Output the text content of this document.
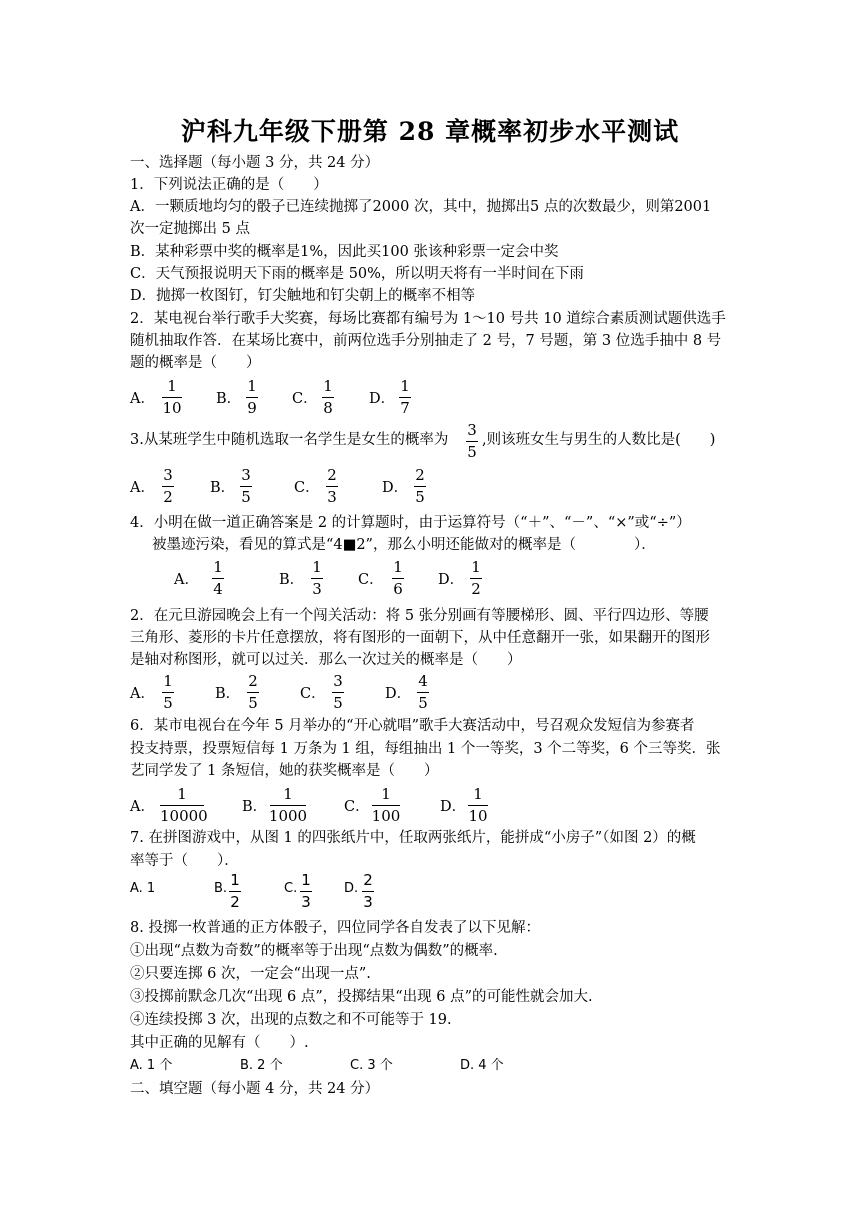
沪科九年级下册第 28 章概率初步水平测试
一、选择题（每小题 3 分，共 24 分）
1．下列说法正确的是（　　）
A．一颗质地均匀的骰子已连续抛掷了2000 次，其中，抛掷出5 点的次数最少，则第2001
次一定抛掷出 5 点
B．某种彩票中奖的概率是1%，因此买100 张该种彩票一定会中奖
C．天气预报说明天下雨的概率是 50%，所以明天将有一半时间在下雨
D．抛掷一枚图钉，钉尖触地和钉尖朝上的概率不相等
2．某电视台举行歌手大奖赛，每场比赛都有编号为 1～10 号共 10 道综合素质测试题供选手
随机抽取作答．在某场比赛中，前两位选手分别抽走了 2 号，7 号题，第 3 位选手抽中 8 号
题的概率是（　　）
A．
1
10	B．
1
9	C．
1
8	D．
1
7
3.从某班学生中随机选取一名学生是女生的概率为
3
5
,则该班女生与男生的人数比是(　　)
A．
3
2	B．
3
5	C．
2
3	D．
2
5
4．小明在做一道正确答案是 2 的计算题时，由于运算符号（“＋”、“－”、“×”或“÷”）
被墨迹污染，看见的算式是“4■2”，那么小明还能做对的概率是（　　　　）．
A．
1
4	B．
1
3	C．
1
6	D．
1
2
2．在元旦游园晚会上有一个闯关活动：将 5 张分别画有等腰梯形、圆、平行四边形、等腰
三角形、菱形的卡片任意摆放，将有图形的一面朝下，从中任意翻开一张，如果翻开的图形
是轴对称图形，就可以过关．那么一次过关的概率是（　　）
A．
1
5	B．
2
5	C．
3
5	D．
4
5
6．某市电视台在今年 5 月举办的“开心就唱”歌手大赛活动中，号召观众发短信为参赛者
投支持票，投票短信每 1 万条为 1 组，每组抽出 1 个一等奖，3 个二等奖，6 个三等奖．张
艺同学发了 1 条短信，她的获奖概率是（　　）
A．
1
10000 B．
1
1000	C．
1
100	D．
1
10
7. 在拼图游戏中，从图 1 的四张纸片中，任取两张纸片，能拼成“小房子”（如图 2）的概
率等于（　　）．
A. 1	B. 1
2
C. 1
3
D. 2
3
8. 投掷一枚普通的正方体骰子，四位同学各自发表了以下见解：
①出现“点数为奇数”的概率等于出现“点数为偶数”的概率.
②只要连掷 6 次，一定会“出现一点”.
③投掷前默念几次“出现 6 点”，投掷结果“出现 6 点”的可能性就会加大.
④连续投掷 3 次，出现的点数之和不可能等于 19.
其中正确的见解有（　　）.
A. 1 个	B. 2 个	C. 3 个	D. 4 个
二、填空题（每小题 4 分，共 24 分）
